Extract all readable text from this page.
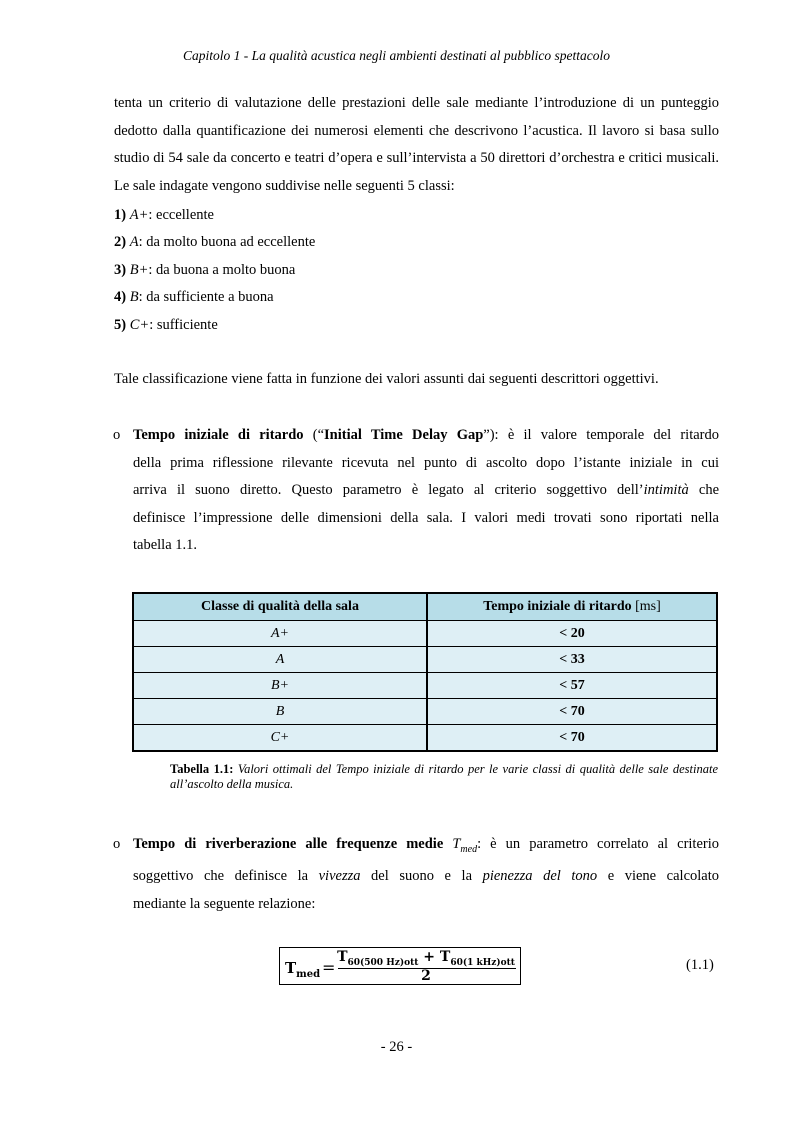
Capitolo 1 - La qualità acustica negli ambienti destinati al pubblico spettacolo
tenta un criterio di valutazione delle prestazioni delle sale mediante l’introduzione di un punteggio dedotto dalla quantificazione dei numerosi elementi che descrivono l’acustica. Il lavoro si basa sullo studio di 54 sale da concerto e teatri d’opera e sull’intervista a 50 direttori d’orchestra e critici musicali. Le sale indagate vengono suddivise nelle seguenti 5 classi:
1) A+: eccellente
2) A: da molto buona ad eccellente
3) B+: da buona a molto buona
4) B: da sufficiente a buona
5) C+: sufficiente
Tale classificazione viene fatta in funzione dei valori assunti dai seguenti descrittori oggettivi.
o Tempo iniziale di ritardo (“Initial Time Delay Gap”): è il valore temporale del ritardo
della prima riflessione rilevante ricevuta nel punto di ascolto dopo l’istante iniziale in cui
arriva il suono diretto. Questo parametro è legato al criterio soggettivo dell’intimità che
definisce l’impressione delle dimensioni della sala. I valori medi trovati sono riportati nella
tabella 1.1.
Classe di qualità della sala	Tempo iniziale di ritardo [ms]
A+	< 20
A	< 33
B+	< 57
B	< 70
C+	< 70
Tabella 1.1: Valori ottimali del Tempo iniziale di ritardo per le varie classi di qualità delle sale destinate all’ascolto della musica.
o Tempo di riverberazione alle frequenze medie $T_{med}$: è un parametro correlato al criterio
soggettivo che definisce la vivezza del suono e la pienezza del tono e viene calcolato
mediante la seguente relazione:
$T_{med}$ =
$T_{60(500 Hz)ott} + T_{60(1 kHz)ott}$
2
(1.1)
- 26 -
